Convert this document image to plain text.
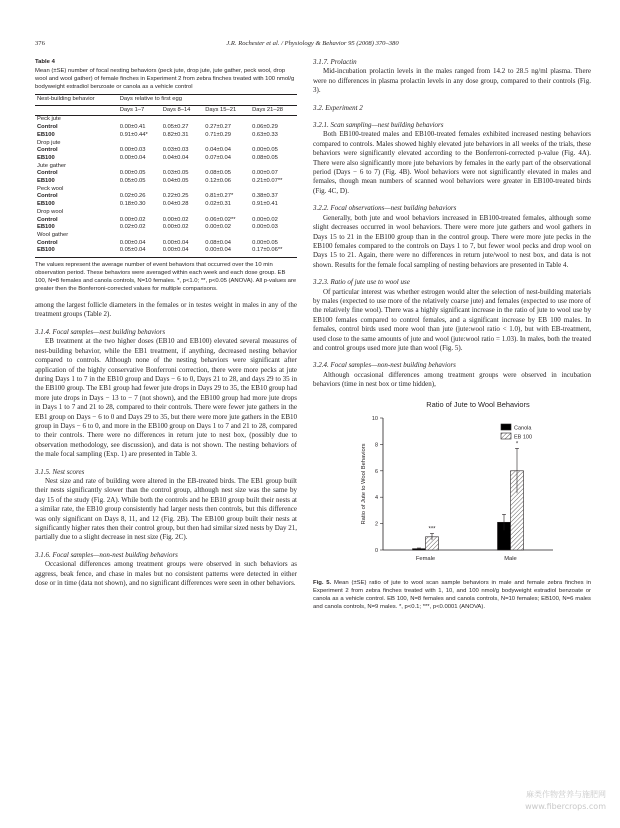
376	J.R. Rochester et al. / Physiology & Behavior 95 (2008) 370–380
Table 4
Mean (±SE) number of focal nesting behaviors (peck jute, drop jute, jute gather, peck wool, drop wool and wool gather) of female finches in Experiment 2 from zebra finches treated with 100 nmol/g bodyweight estradiol benzoate or canola as a vehicle control
Nest-building behavior	Days relative to first egg			
	Days 1–7	Days 8–14	Days 15–21	Days 21–28
Peck jute				
Control	0.00±0.41	0.05±0.27	0.27±0.27	0.06±0.29
EB100	0.91±0.44*	0.82±0.31	0.71±0.29	0.63±0.33
Drop jute				
Control	0.00±0.03	0.03±0.03	0.04±0.04	0.00±0.05
EB100	0.00±0.04	0.04±0.04	0.07±0.04	0.08±0.05
Jute gather				
Control	0.00±0.05	0.03±0.05	0.08±0.05	0.00±0.07
EB100	0.05±0.05	0.04±0.05	0.12±0.06	0.21±0.07**
Peck wool				
Control	0.02±0.26	0.22±0.25	0.81±0.27*	0.38±0.37
EB100	0.18±0.30	0.04±0.28	0.02±0.31	0.91±0.41
Drop wool				
Control	0.00±0.02	0.00±0.02	0.06±0.02**	0.00±0.02
EB100	0.02±0.02	0.00±0.02	0.00±0.02	0.00±0.03
Wool gather				
Control	0.00±0.04	0.00±0.04	0.08±0.04	0.00±0.05
EB100	0.05±0.04	0.00±0.04	0.00±0.04	0.17±0.06**
The values represent the average number of event behaviors that occurred over the 10 min observation period. These behaviors were averaged within each week and each dose group. EB 100, N=8 females and canola controls, N=10 females. *, p<1.0; **, p<0.05 (ANOVA). All p-values are greater then the Bonferroni-corrected values for multiple comparisons.

among the largest follicle diameters in the females or in testes weight in males in any of the treatment groups (Table 2).

3.1.4. Focal samples—nest building behaviors

EB treatment at the two higher doses (EB10 and EB100) elevated several measures of nest-building behavior, while the EB1 treatment, if anything, decreased nesting behavior compared to controls. Although none of the nesting behaviors were significant after application of the highly conservative Bonferroni correction, there were more pecks at jute during Days 1 to 7 in the EB10 group and Days − 6 to 0, Days 21 to 28, and days 29 to 35 in the EB100 group. The EB1 group had fewer jute drops in Days 29 to 35, the EB10 group had more jute drops in Days − 13 to − 7 (not shown), and the EB100 group had more jute drops in Days 1 to 7 and 21 to 28, compared to their controls. There were fewer jute gathers in the EB1 group on Days − 6 to 0 and Days 29 to 35, but there were more jute gathers in the EB10 group in Days − 6 to 0, and more in the EB100 group on Days 1 to 7 and 21 to 28, compared to their controls. There were no differences in return jute to nest box, (possibly due to observation methodology, see discussion), and data is not shown. The nesting behaviors of the male focal sampling (Exp. 1) are presented in Table 3.

3.1.5. Nest scores

Nest size and rate of building were altered in the EB-treated birds. The EB1 group built their nests significantly slower than the control group, although nest size was the same by day 15 of the study (Fig. 2A). While both the controls and he EB10 group built their nests at a similar rate, the EB10 group consistently had larger nests then controls, but this difference was only significant on Days 8, 11, and 12 (Fig. 2B). The EB100 group built their nests at significantly higher rates then their control group, but then had similar sized nests by Day 21, partially due to a slight decrease in nest size (Fig. 2C).

3.1.6. Focal samples—non-nest building behaviors

Occasional differences among treatment groups were observed in such behaviors as aggress, beak fence, and chase in males but no consistent patterns were detected in either dose or in time (data not shown), and no significant differences were seen in other behaviors.

3.1.7. Prolactin

Mid-incubation prolactin levels in the males ranged from 14.2 to 28.5 ng/ml plasma. There were no differences in plasma prolactin levels in any dose group, compared to their controls (Fig. 3).

3.2. Experiment 2
3.2.1. Scan sampling—nest building behaviors

Both EB100-treated males and EB100-treated females exhibited increased nesting behaviors compared to controls. Males showed highly elevated jute behaviors in all weeks of the trials, these behaviors were significantly elevated according to the Bonferroni-corrected p-value (Fig. 4A). There were also significantly more jute behaviors by females in the early part of the observational period (Days − 6 to 7) (Fig. 4B). Wool behaviors were not significantly elevated in males and females, though mean numbers of scanned wool behaviors were greater in EB100-treated birds (Fig. 4C, D).

3.2.2. Focal observations—nest building behaviors

Generally, both jute and wool behaviors increased in EB100-treated females, although some slight decreases occurred in wool behaviors. There were more jute gathers and wool gathers in Days 15 to 21 in the EB100 group than in the control group. There were more jute pecks in the EB100 females compared to the controls on Days 1 to 7, but fewer wool pecks and drop wool on Days 15 to 21. Again, there were no differences in return jute/wool to nest box, and data is not shown. Results for the female focal sampling of nesting behaviors are presented in Table 4.

3.2.3. Ratio of jute use to wool use

Of particular interest was whether estrogen would alter the selection of nest-building materials by males (expected to use more of the relatively coarse jute) and females (expected to use more of the relatively fine wool). There was a highly significant increase in the ratio of jute to wool use by EB100 females compared to control females, and a significant increase by EB 100 males. In females, control birds used more wool than jute (jute:wool ratio < 1.0), but with EB-treatment, used close to the same amounts of jute and wool (jute:wool ratio = 1.03). In males, both the treated and control groups used more jute than wool (Fig. 5).

3.2.4. Focal samples—non-nest building behaviors

Although occasional differences among treatment groups were observed in incubation behaviors (time in nest box or time hidden),

Ratio of Jute to Wool Behaviors
0
2
4
6
8
10
Ratio of Jute to Wool Behaviors
***
Female
*
Male
Canola
EB 100
Fig. 5. Mean (±SE) ratio of jute to wool scan sample behaviors in male and female zebra finches in Experiment 2 from zebra finches treated with 1, 10, and 100 nmol/g bodyweight estradiol benzoate or canola as a vehicle control. EB 100, N=8 females and canola controls, N=10 females; EB100, N=6 males and canola controls, N=9 males. *, p<0.1; ***, p<0.0001 (ANOVA).
麻类作物营养与施肥网
www.fibercrops.com
